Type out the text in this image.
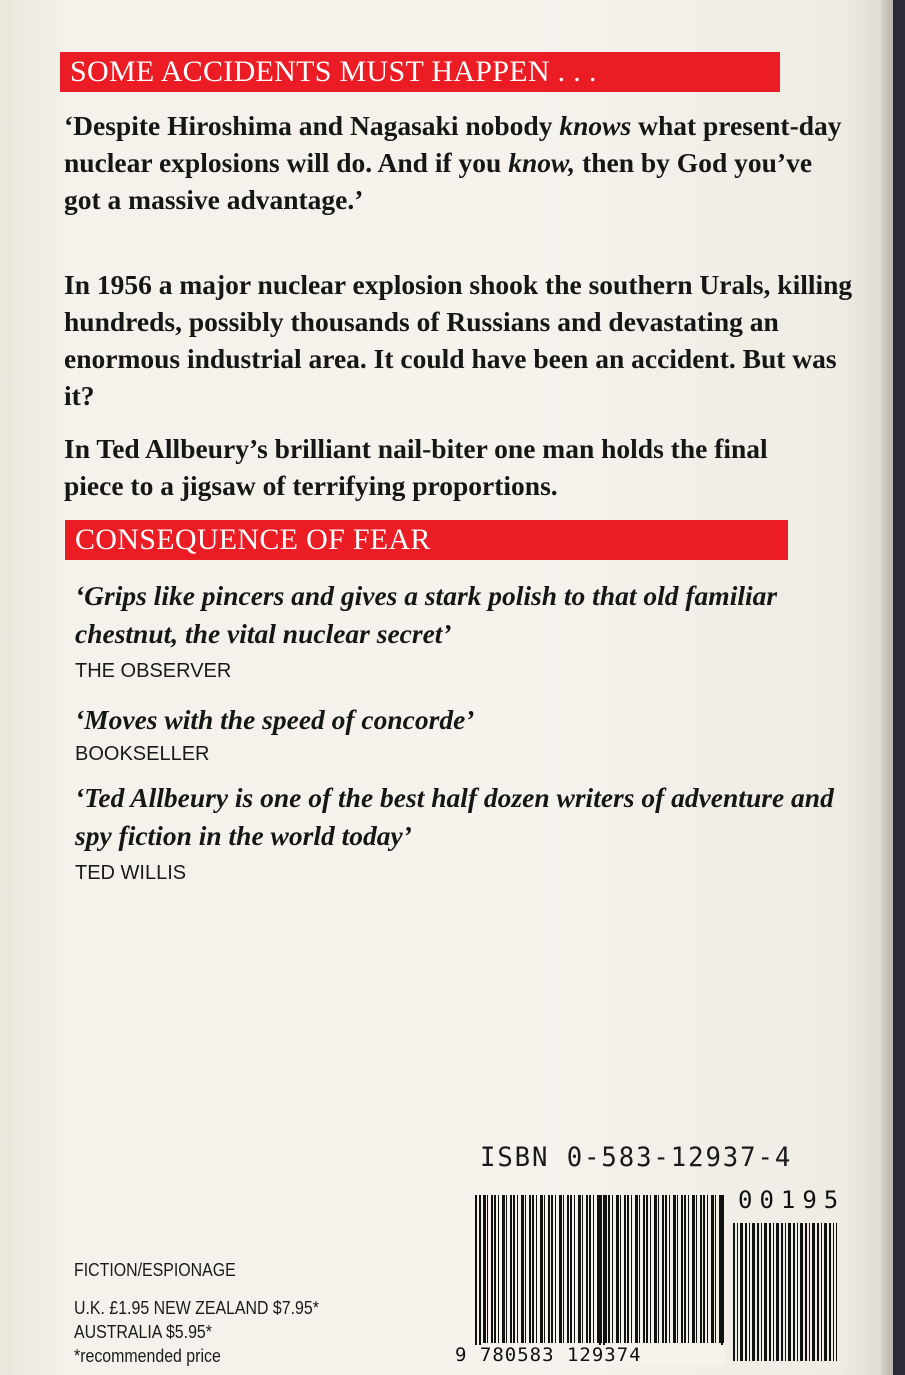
SOME ACCIDENTS MUST HAPPEN . . .
‘Despite Hiroshima and Nagasaki nobody knows what present-day nuclear explosions will do. And if you know, then by God you’ve got a massive advantage.’
In 1956 a major nuclear explosion shook the southern Urals, killing hundreds, possibly thousands of Russians and devastating an enormous industrial area. It could have been an accident. But was it?
In Ted Allbeury’s brilliant nail-biter one man holds the final piece to a jigsaw of terrifying proportions.
CONSEQUENCE OF FEAR
‘Grips like pincers and gives a stark polish to that old familiar chestnut, the vital nuclear secret’
THE OBSERVER
‘Moves with the speed of concorde’
BOOKSELLER
‘Ted Allbeury is one of the best half dozen writers of adventure and spy fiction in the world today’
TED WILLIS
FICTION/ESPIONAGE
U.K. £1.95 NEW ZEALAND $7.95*
AUSTRALIA $5.95*
*recommended price
ISBN 0-583-12937-4
00195
9 780583 129374
